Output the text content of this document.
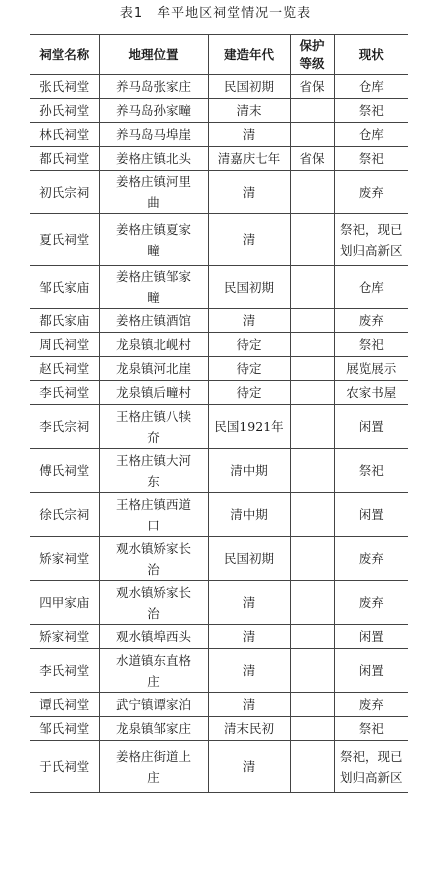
表1　牟平地区祠堂情况一览表
祠堂名称	地理位置	建造年代	保护等级	现状
张氏祠堂	养马岛张家庄	民国初期	省保	仓库
孙氏祠堂	养马岛孙家疃	清末		祭祀
林氏祠堂	养马岛马埠崖	清		仓库
都氏祠堂	姜格庄镇北头	清嘉庆七年	省保	祭祀
初氏宗祠	姜格庄镇河里曲	清		废弃
夏氏祠堂	姜格庄镇夏家疃	清		祭祀，现已划归高新区
邹氏家庙	姜格庄镇邹家疃	民国初期		仓库
都氏家庙	姜格庄镇酒馆	清		废弃
周氏祠堂	龙泉镇北岘村	待定		祭祀
赵氏祠堂	龙泉镇河北崖	待定		展览展示
李氏祠堂	龙泉镇后疃村	待定		农家书屋
李氏宗祠	王格庄镇八犊夼	民国1921年		闲置
傅氏祠堂	王格庄镇大河东	清中期		祭祀
徐氏宗祠	王格庄镇西道口	清中期		闲置
矫家祠堂	观水镇矫家长治	民国初期		废弃
四甲家庙	观水镇矫家长治	清		废弃
矫家祠堂	观水镇埠西头	清		闲置
李氏祠堂	水道镇东直格庄	清		闲置
谭氏祠堂	武宁镇谭家泊	清		废弃
邹氏祠堂	龙泉镇邹家庄	清末民初		祭祀
于氏祠堂	姜格庄街道上庄	清		祭祀，现已划归高新区
